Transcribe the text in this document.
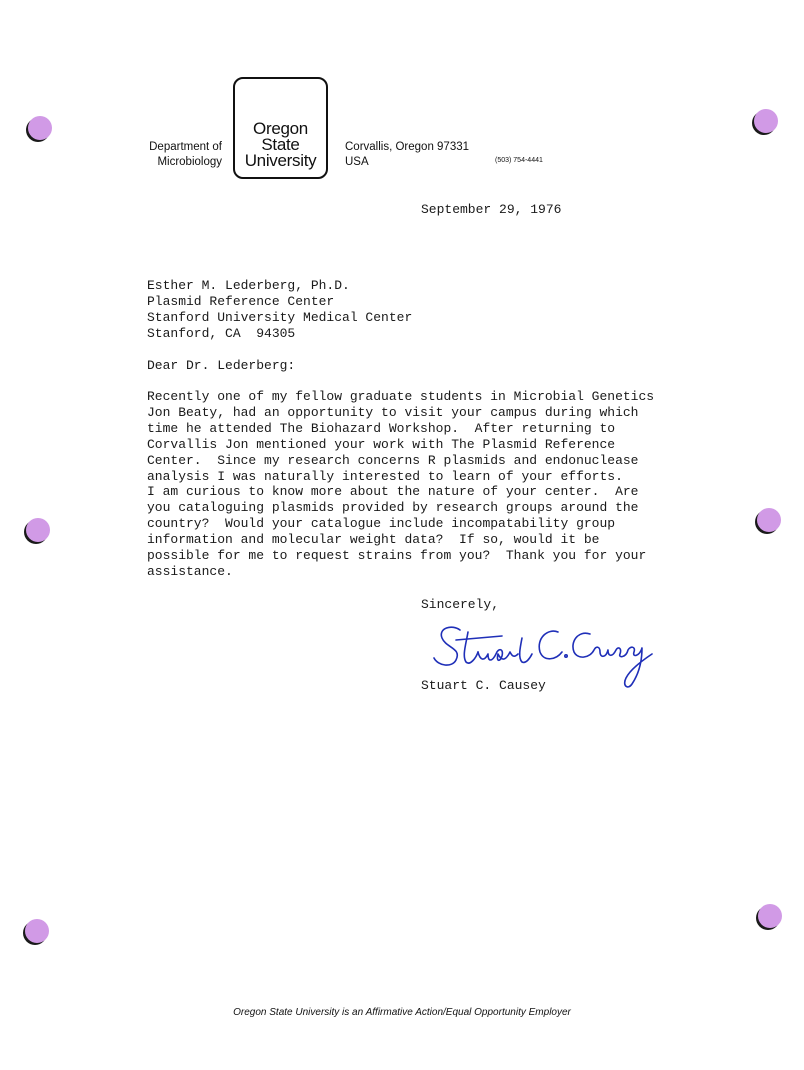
Department of
Microbiology
Oregon
State
University
Corvallis, Oregon 97331
USA	(503) 754-4441
September 29, 1976
Esther M. Lederberg, Ph.D.
Plasmid Reference Center
Stanford University Medical Center
Stanford, CA  94305
Dear Dr. Lederberg:
Recently one of my fellow graduate students in Microbial Genetics
Jon Beaty, had an opportunity to visit your campus during which
time he attended The Biohazard Workshop.  After returning to
Corvallis Jon mentioned your work with The Plasmid Reference
Center.  Since my research concerns R plasmids and endonuclease
analysis I was naturally interested to learn of your efforts.
I am curious to know more about the nature of your center.  Are
you cataloguing plasmids provided by research groups around the
country?  Would your catalogue include incompatability group
information and molecular weight data?  If so, would it be
possible for me to request strains from you?  Thank you for your
assistance.
Sincerely,
Stuart C. Causey
Oregon State University is an Affirmative Action/Equal Opportunity Employer
